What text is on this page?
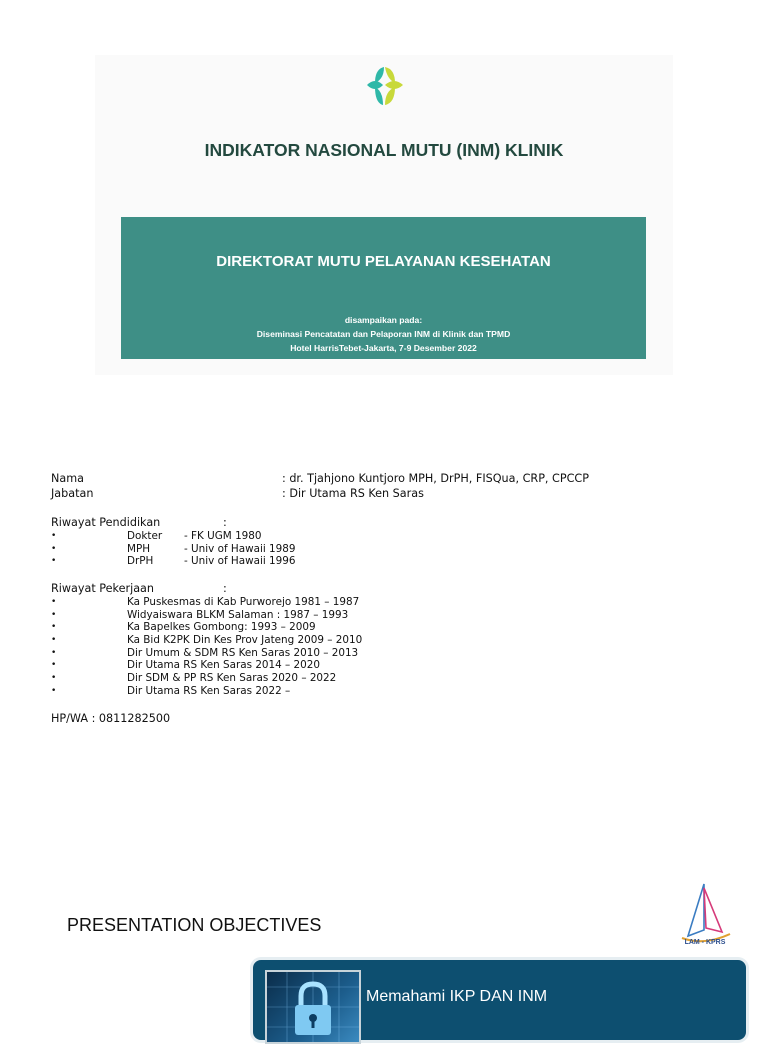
INDIKATOR NASIONAL MUTU (INM) KLINIK
DIREKTORAT MUTU PELAYANAN KESEHATAN
disampaikan pada:
Diseminasi Pencatatan dan Pelaporan INM di Klinik dan TPMD
Hotel HarrisTebet-Jakarta, 7-9 Desember 2022
Nama	: dr. Tjahjono Kuntjoro MPH, DrPH, FISQua, CRP, CPCCP
Jabatan	: Dir Utama RS Ken Saras
Riwayat Pendidikan	:
•	Dokter - FK UGM 1980
•	MPH	- Univ of Hawaii 1989
•	DrPH	- Univ of Hawaii 1996
Riwayat Pekerjaan	:
•	Ka Puskesmas di Kab Purworejo 1981 – 1987
•	Widyaiswara BLKM Salaman : 1987 – 1993
•	Ka Bapelkes Gombong: 1993 – 2009
•	Ka Bid K2PK Din Kes Prov Jateng 2009 – 2010
•	Dir Umum & SDM RS Ken Saras 2010 – 2013
•	Dir Utama RS Ken Saras 2014 – 2020
•	Dir SDM & PP RS Ken Saras 2020 – 2022
•	Dir Utama RS Ken Saras 2022 –
HP/WA : 0811282500
PRESENTATION OBJECTIVES
LAM - KPRS
Memahami IKP DAN INM
